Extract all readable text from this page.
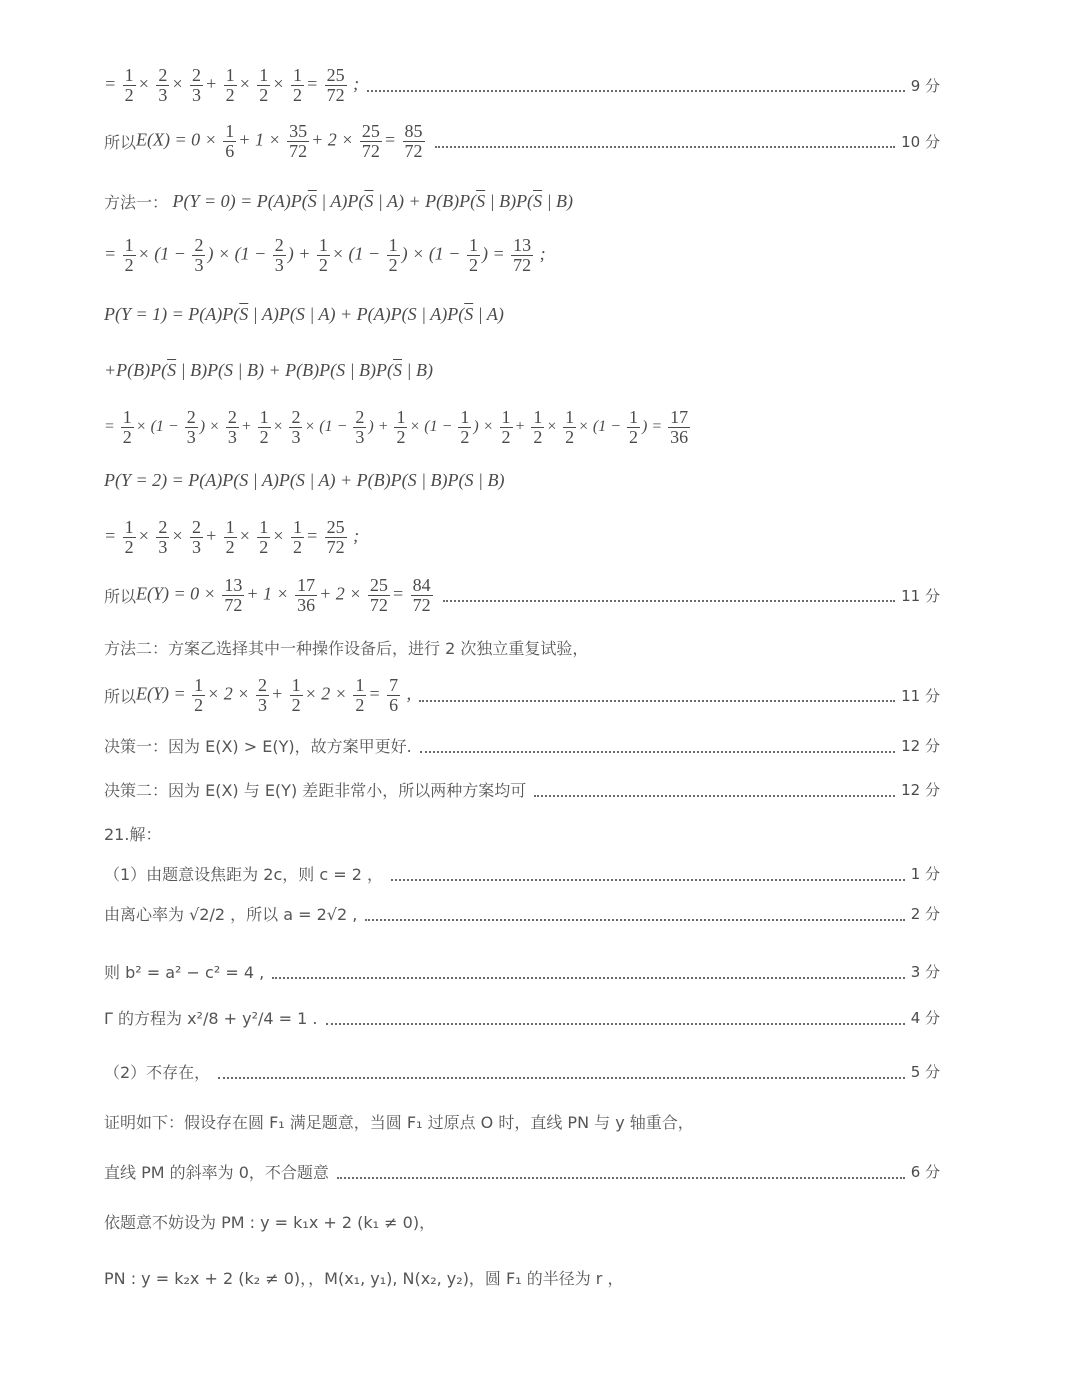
= $\frac{1}{2} \times \frac{2}{3} \times \frac{2}{3} + \frac{1}{2} \times \frac{1}{2} \times \frac{1}{2} = \frac{25}{72}$ ;	9 分
所以 $E(X) = 0 \times \frac{1}{6} + 1 \times \frac{35}{72} + 2 \times \frac{25}{72} = \frac{85}{72}$	10 分
方法一： $P(Y = 0) = P(A)P(\overline{S}$ | $A)P(\overline{S}$ | $A) + P(B)P(\overline{S}$ | $B)P(\overline{S}$ | B)
= $\frac{1}{2} \times (1 - \frac{2}{3}$ ) × ($1 - \frac{2}{3}$ ) + $\frac{1}{2} \times (1 - \frac{1}{2}$ ) × ($1 - \frac{1}{2}$ ) = $\frac{13}{72}$ ;
$P(Y = 1) = P(A)P(\overline{S}$ | A)P(S | A) + P(A)P(S | $A)P(\overline{S}$ | A)
$+P(B)P(\overline{S}$ | B)P(S | B) + P(B)P(S | $B)P(\overline{S}$ | B)
= $\frac{1}{2} \times (1 - \frac{2}{3}$ ) × $\frac{2}{3} + \frac{1}{2} \times \frac{2}{3} \times (1 - \frac{2}{3}$ ) + $\frac{1}{2} \times (1 - \frac{1}{2}$ ) × $\frac{1}{2} + \frac{1}{2} \times \frac{1}{2} \times (1 - \frac{1}{2}$ ) = $\frac{17}{36}$
P(Y = 2) = P(A)P(S | A)P(S | A) + P(B)P(S | B)P(S | B)
= $\frac{1}{2} \times \frac{2}{3} \times \frac{2}{3} + \frac{1}{2} \times \frac{1}{2} \times \frac{1}{2} = \frac{25}{72}$ ;
所以 $E(Y) = 0 \times \frac{13}{72} + 1 \times \frac{17}{36} + 2 \times \frac{25}{72} = \frac{84}{72}$	11 分
方法二：方案乙选择其中一种操作设备后，进行 2 次独立重复试验，
所以 $E(Y) = \frac{1}{2} \times 2 \times \frac{2}{3} + \frac{1}{2} \times 2 \times \frac{1}{2} = \frac{7}{6}$ ,	11 分
决策一：因为 E(X) > E(Y)，故方案甲更好.	12 分
决策二：因为 E(X) 与 E(Y) 差距非常小，所以两种方案均可	12 分
21.解：
（1）由题意设焦距为 2c，则 c = 2 ，	1 分
由离心率为 √2/2 ，所以 a = 2√2 ,	2 分
则 b² = a² − c² = 4 ,	3 分
Γ 的方程为 x²/8 + y²/4 = 1 .	4 分
（2）不存在，	5 分
证明如下：假设存在圆 F₁ 满足题意，当圆 F₁ 过原点 O 时，直线 PN 与 y 轴重合，
直线 PM 的斜率为 0，不合题意	6 分
依题意不妨设为 PM : y = k₁x + 2 (k₁ ≠ 0)，
PN : y = k₂x + 2 (k₂ ≠ 0)，，M(x₁, y₁), N(x₂, y₂)，圆 F₁ 的半径为 r ，
